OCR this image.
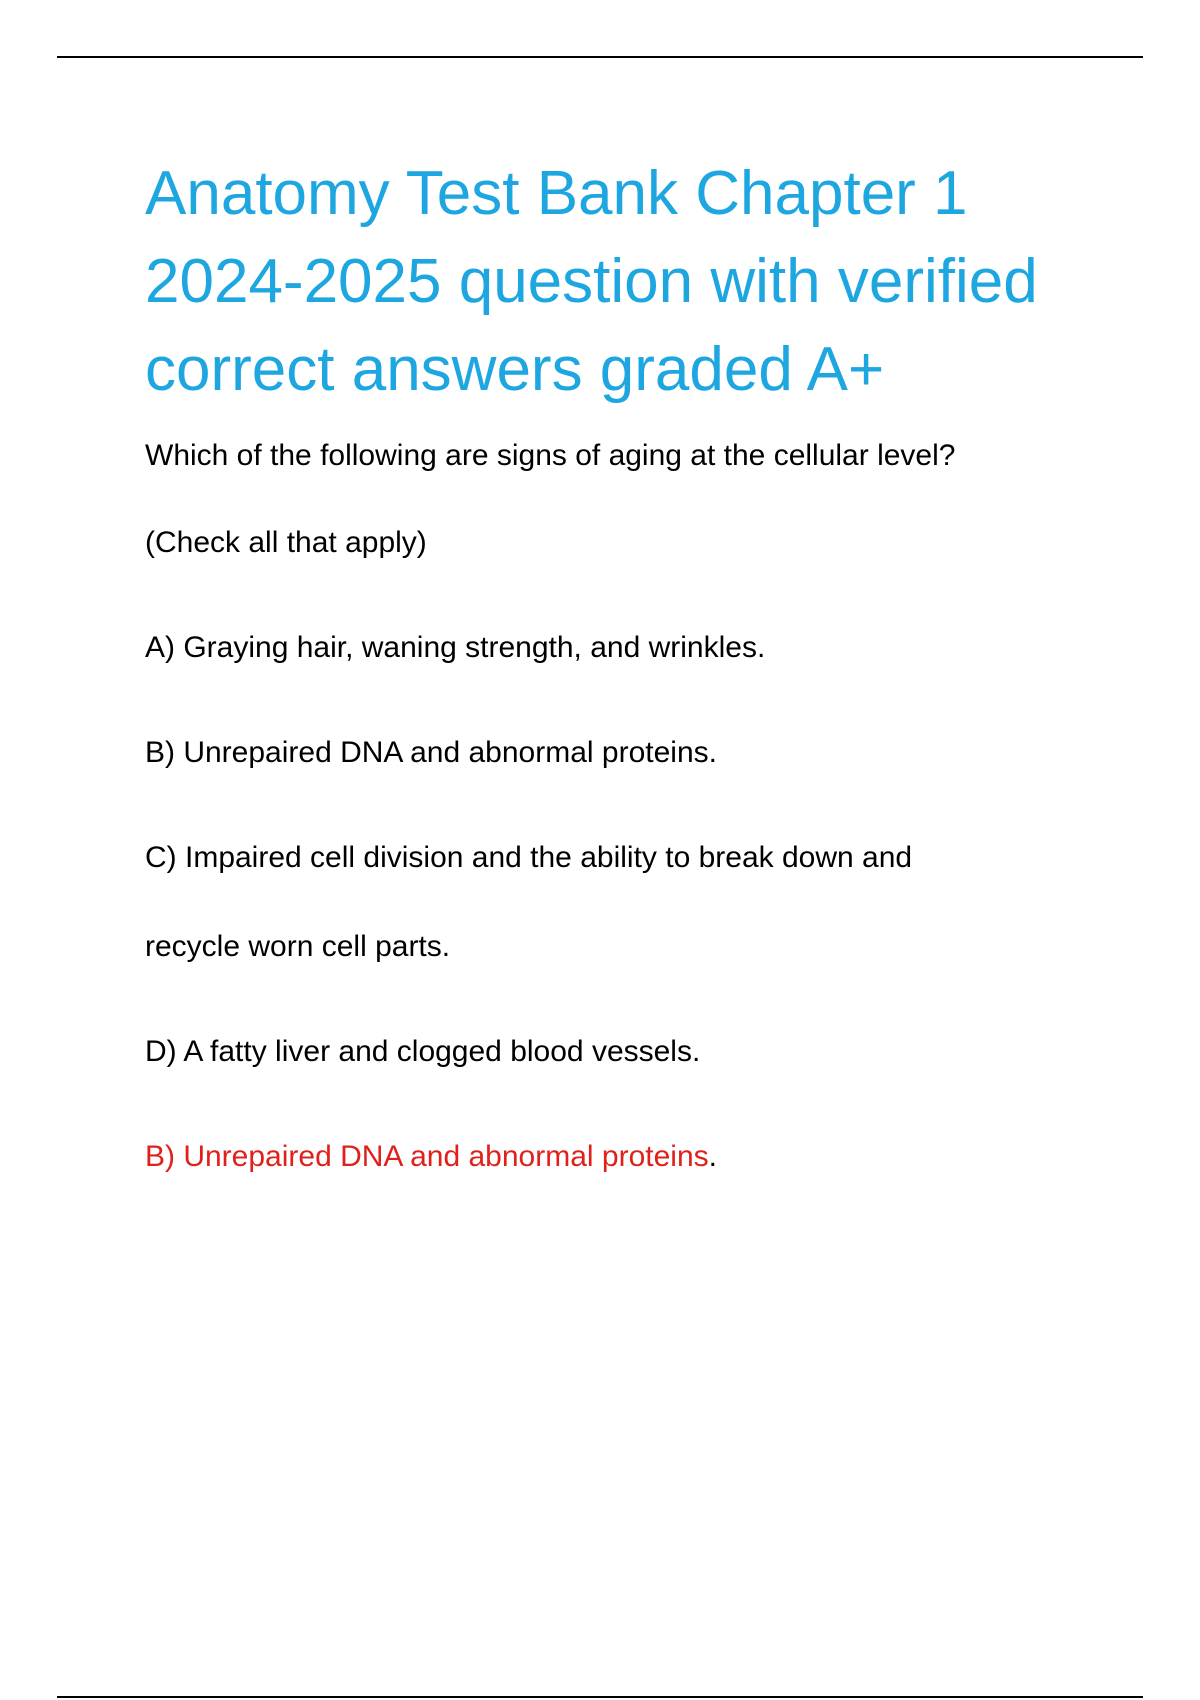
Anatomy Test Bank Chapter 1 2024-2025 question with verified correct answers graded A+

Which of the following are signs of aging at the cellular level?

(Check all that apply)

A) Graying hair, waning strength, and wrinkles.

B) Unrepaired DNA and abnormal proteins.

C) Impaired cell division and the ability to break down and

recycle worn cell parts.

D) A fatty liver and clogged blood vessels.

B) Unrepaired DNA and abnormal proteins.
